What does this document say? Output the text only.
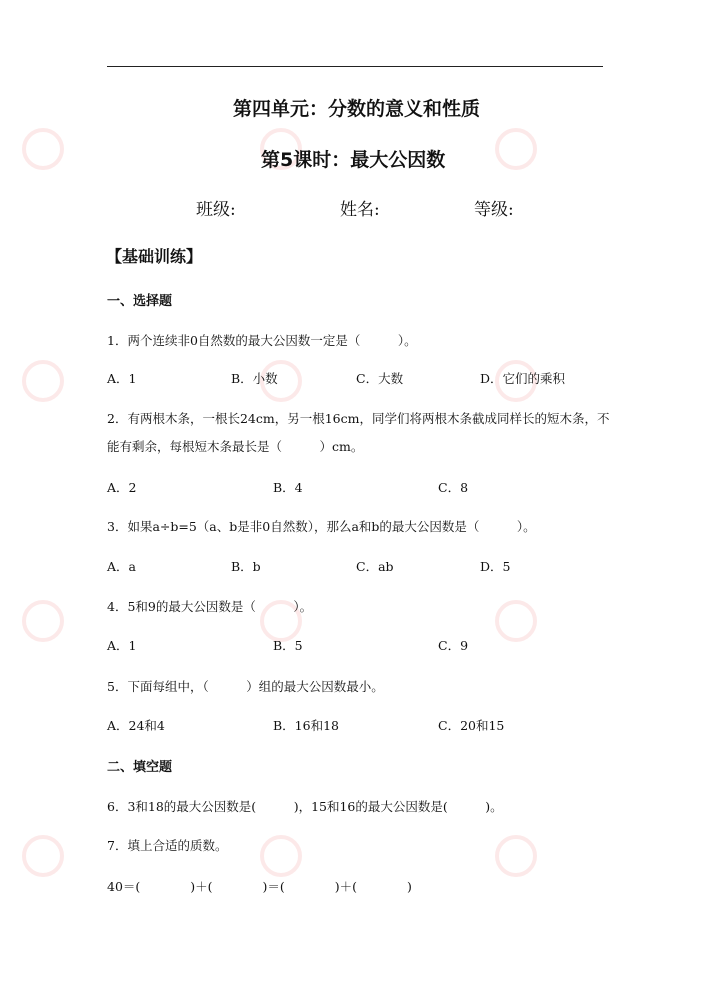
第四单元：分数的意义和性质
第5课时：最大公因数
班级:	姓名:	等级:
【基础训练】
一、选择题
1．两个连续非0自然数的最大公因数一定是（　　　）。
A．1	B．小数	C．大数	D．它们的乘积
2．有两根木条，一根长24cm，另一根16cm，同学们将两根木条截成同样长的短木条，不
能有剩余，每根短木条最长是（　　　）cm。
A．2	B．4	C．8
3．如果a÷b=5（a、b是非0自然数），那么a和b的最大公因数是（　　　）。
A．a	B．b	C．ab	D．5
4．5和9的最大公因数是（　　　）。
A．1	B．5	C．9
5．下面每组中，（　　　）组的最大公因数最小。
A．24和4	B．16和18	C．20和15
二、填空题
6．3和18的最大公因数是(　　　)，15和16的最大公因数是(　　　)。
7．填上合适的质数。
40＝(　　　　)＋(　　　　)＝(　　　　)＋(　　　　)
